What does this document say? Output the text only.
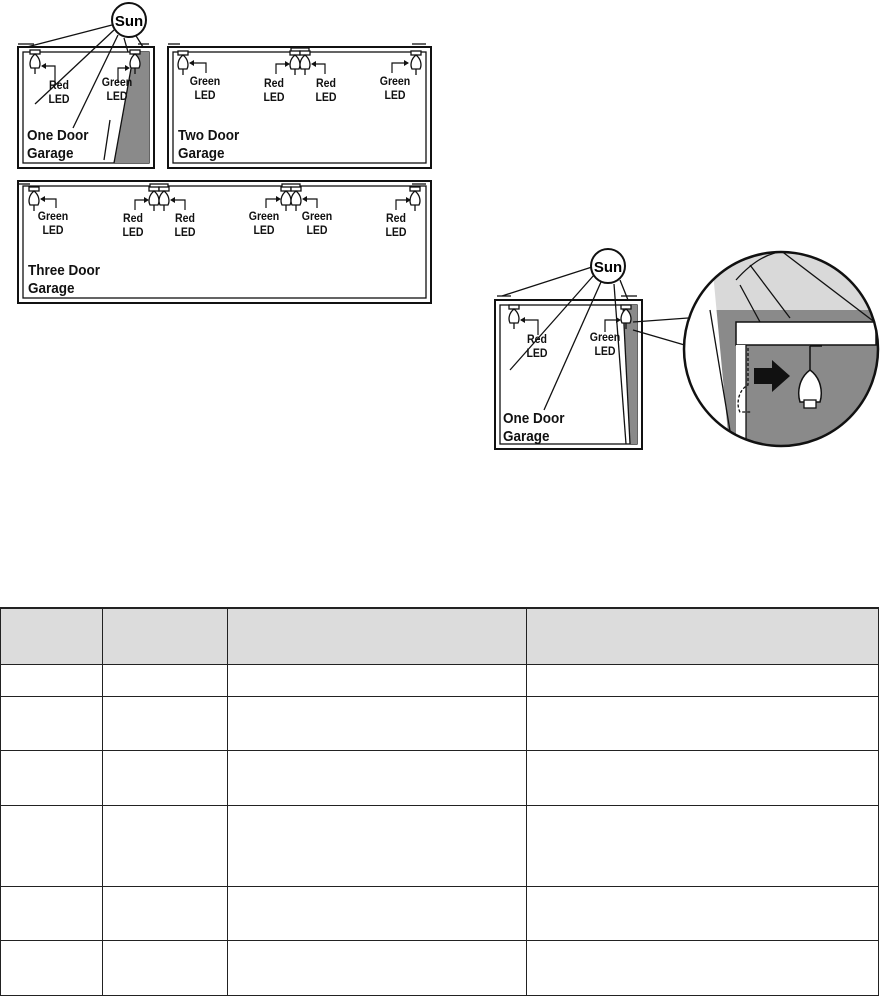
Sun
Red
LED
Green
LED
One Door
Garage
Green
LED
Red
LED
Red
LED
Green
LED
Two Door
Garage
Green
LED
Red
LED
Red
LED
Green
LED
Green
LED
Red
LED
Three Door
Garage
Sun
Red
LED
Green
LED
One Door
Garage
